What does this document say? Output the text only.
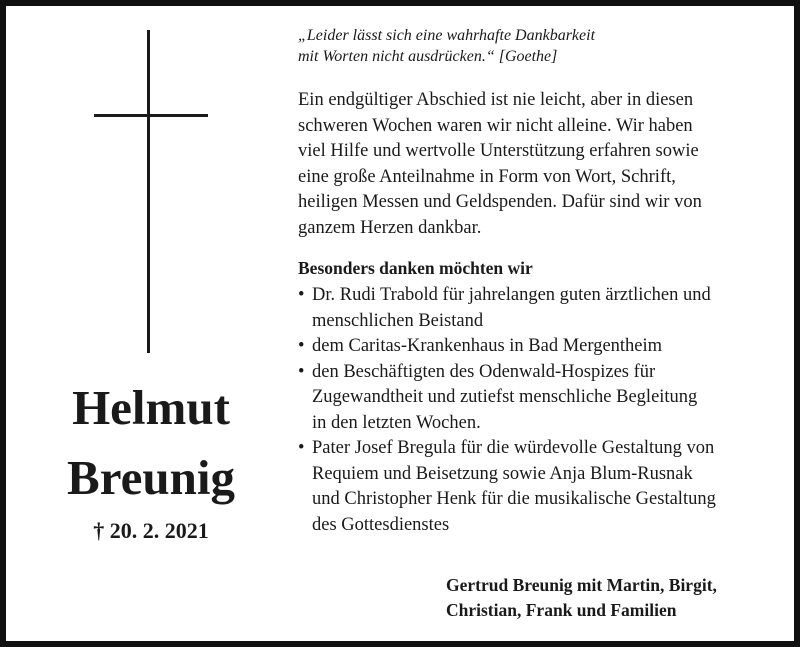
Helmut
Breunig
† 20. 2. 2021
„Leider lässt sich eine wahrhafte Dankbarkeit
mit Worten nicht ausdrücken.“ [Goethe]
Ein endgültiger Abschied ist nie leicht, aber in diesen
schweren Wochen waren wir nicht alleine. Wir haben
viel Hilfe und wertvolle Unterstützung erfahren sowie
eine große Anteilnahme in Form von Wort, Schrift,
heiligen Messen und Geldspenden. Dafür sind wir von
ganzem Herzen dankbar.
Besonders danken möchten wir
• Dr. Rudi Trabold für jahrelangen guten ärztlichen und
menschlichen Beistand
• dem Caritas-Krankenhaus in Bad Mergentheim
• den Beschäftigten des Odenwald-Hospizes für
Zugewandtheit und zutiefst menschliche Begleitung
in den letzten Wochen.
• Pater Josef Bregula für die würdevolle Gestaltung von
Requiem und Beisetzung sowie Anja Blum-Rusnak
und Christopher Henk für die musikalische Gestaltung
des Gottesdienstes
Gertrud Breunig mit Martin, Birgit,
Christian, Frank und Familien
